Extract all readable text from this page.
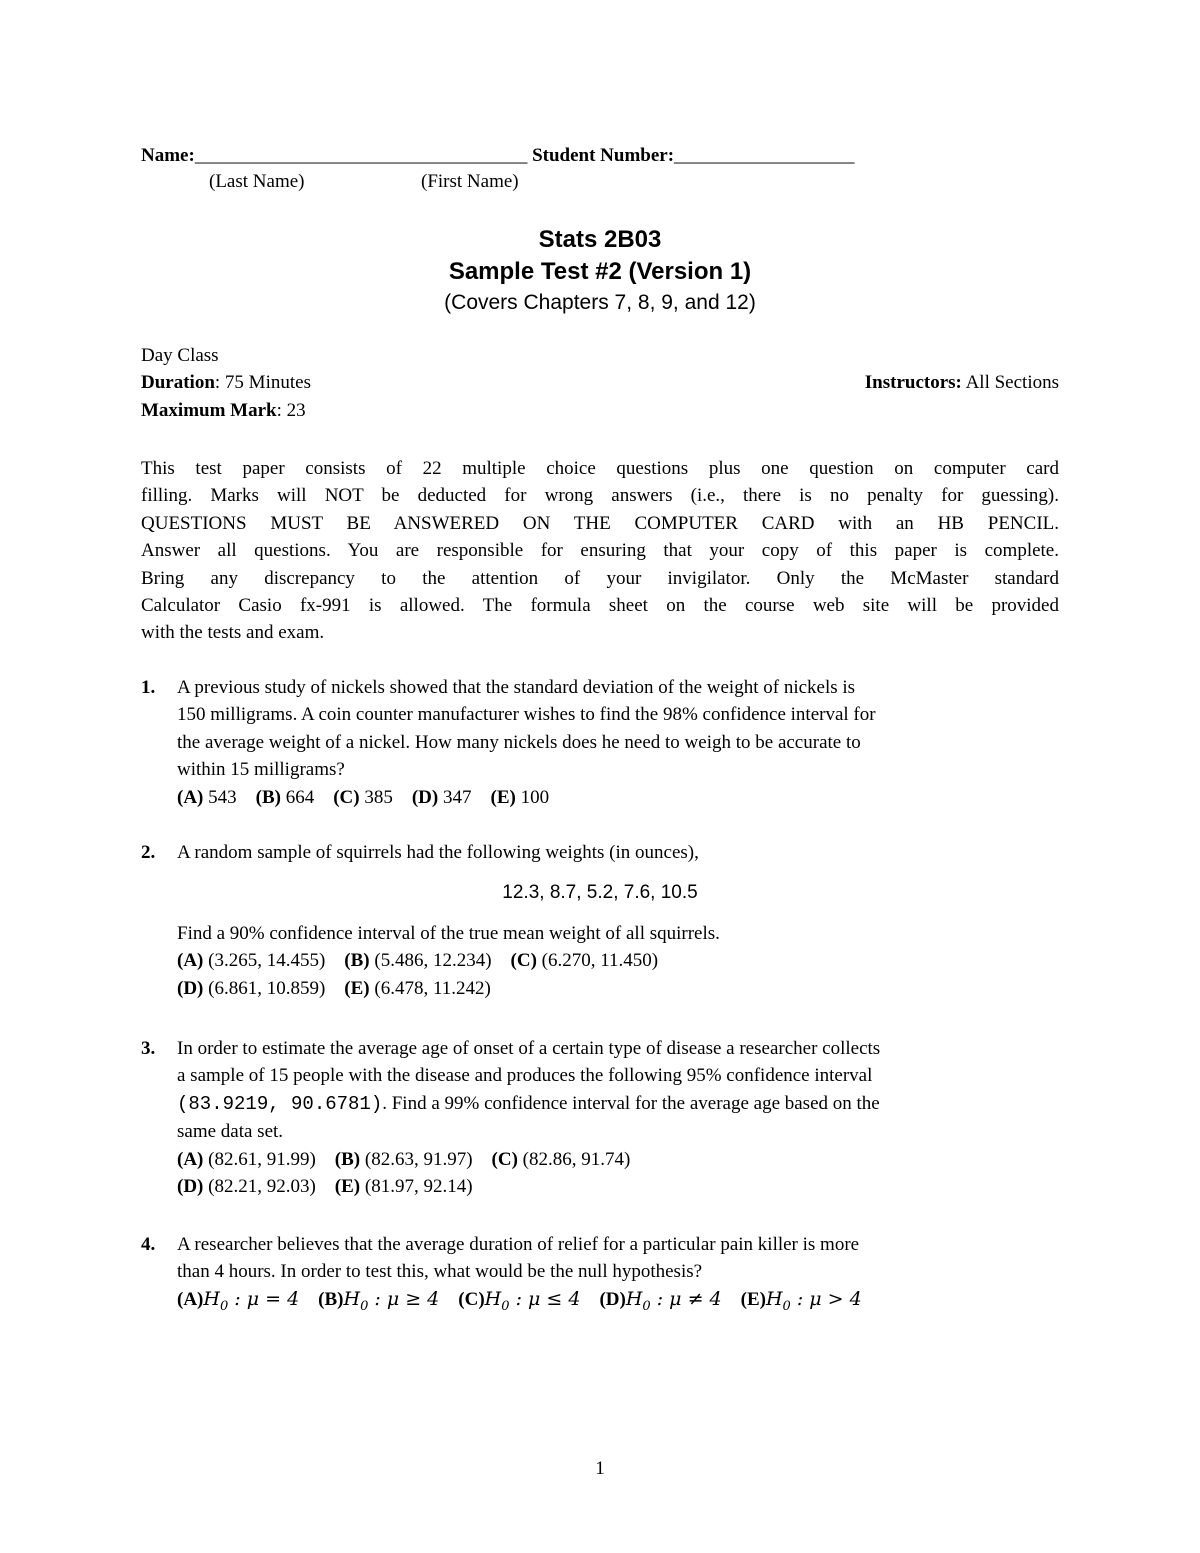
Name:___________________________________ Student Number:___________________
(Last Name)	(First Name)
Stats 2B03
Sample Test #2 (Version 1)
(Covers Chapters 7, 8, 9, and 12)
Day Class
Duration: 75 Minutes	Instructors: All Sections
Maximum Mark: 23
This test paper consists of 22 multiple choice questions plus one question on computer card
filling. Marks will NOT be deducted for wrong answers (i.e., there is no penalty for guessing).
QUESTIONS MUST BE ANSWERED ON THE COMPUTER CARD with an HB PENCIL.
Answer all questions. You are responsible for ensuring that your copy of this paper is complete.
Bring any discrepancy to the attention of your invigilator. Only the McMaster standard
Calculator Casio fx-991 is allowed. The formula sheet on the course web site will be provided
with the tests and exam.
1. A previous study of nickels showed that the standard deviation of the weight of nickels is
150 milligrams. A coin counter manufacturer wishes to find the 98% confidence interval for
the average weight of a nickel. How many nickels does he need to weigh to be accurate to
within 15 milligrams?
(A) 543 (B) 664 (C) 385 (D) 347 (E) 100
2. A random sample of squirrels had the following weights (in ounces),
12.3, 8.7, 5.2, 7.6, 10.5
Find a 90% confidence interval of the true mean weight of all squirrels.
(A) (3.265, 14.455) (B) (5.486, 12.234) (C) (6.270, 11.450)
(D) (6.861, 10.859) (E) (6.478, 11.242)
3. In order to estimate the average age of onset of a certain type of disease a researcher collects
a sample of 15 people with the disease and produces the following 95% confidence interval
(83.9219, 90.6781). Find a 99% confidence interval for the average age based on the
same data set.
(A) (82.61, 91.99) (B) (82.63, 91.97) (C) (82.86, 91.74)
(D) (82.21, 92.03) (E) (81.97, 92.14)
4. A researcher believes that the average duration of relief for a particular pain killer is more
than 4 hours. In order to test this, what would be the null hypothesis?
$(A)H_0$ : μ = 4 $(B)H_0$ : μ ≥ 4 $(C)H_0$ : μ ≤ 4 $(D)H_0$ : μ ≠ 4 $(E)H_0$ : μ > 4
1
